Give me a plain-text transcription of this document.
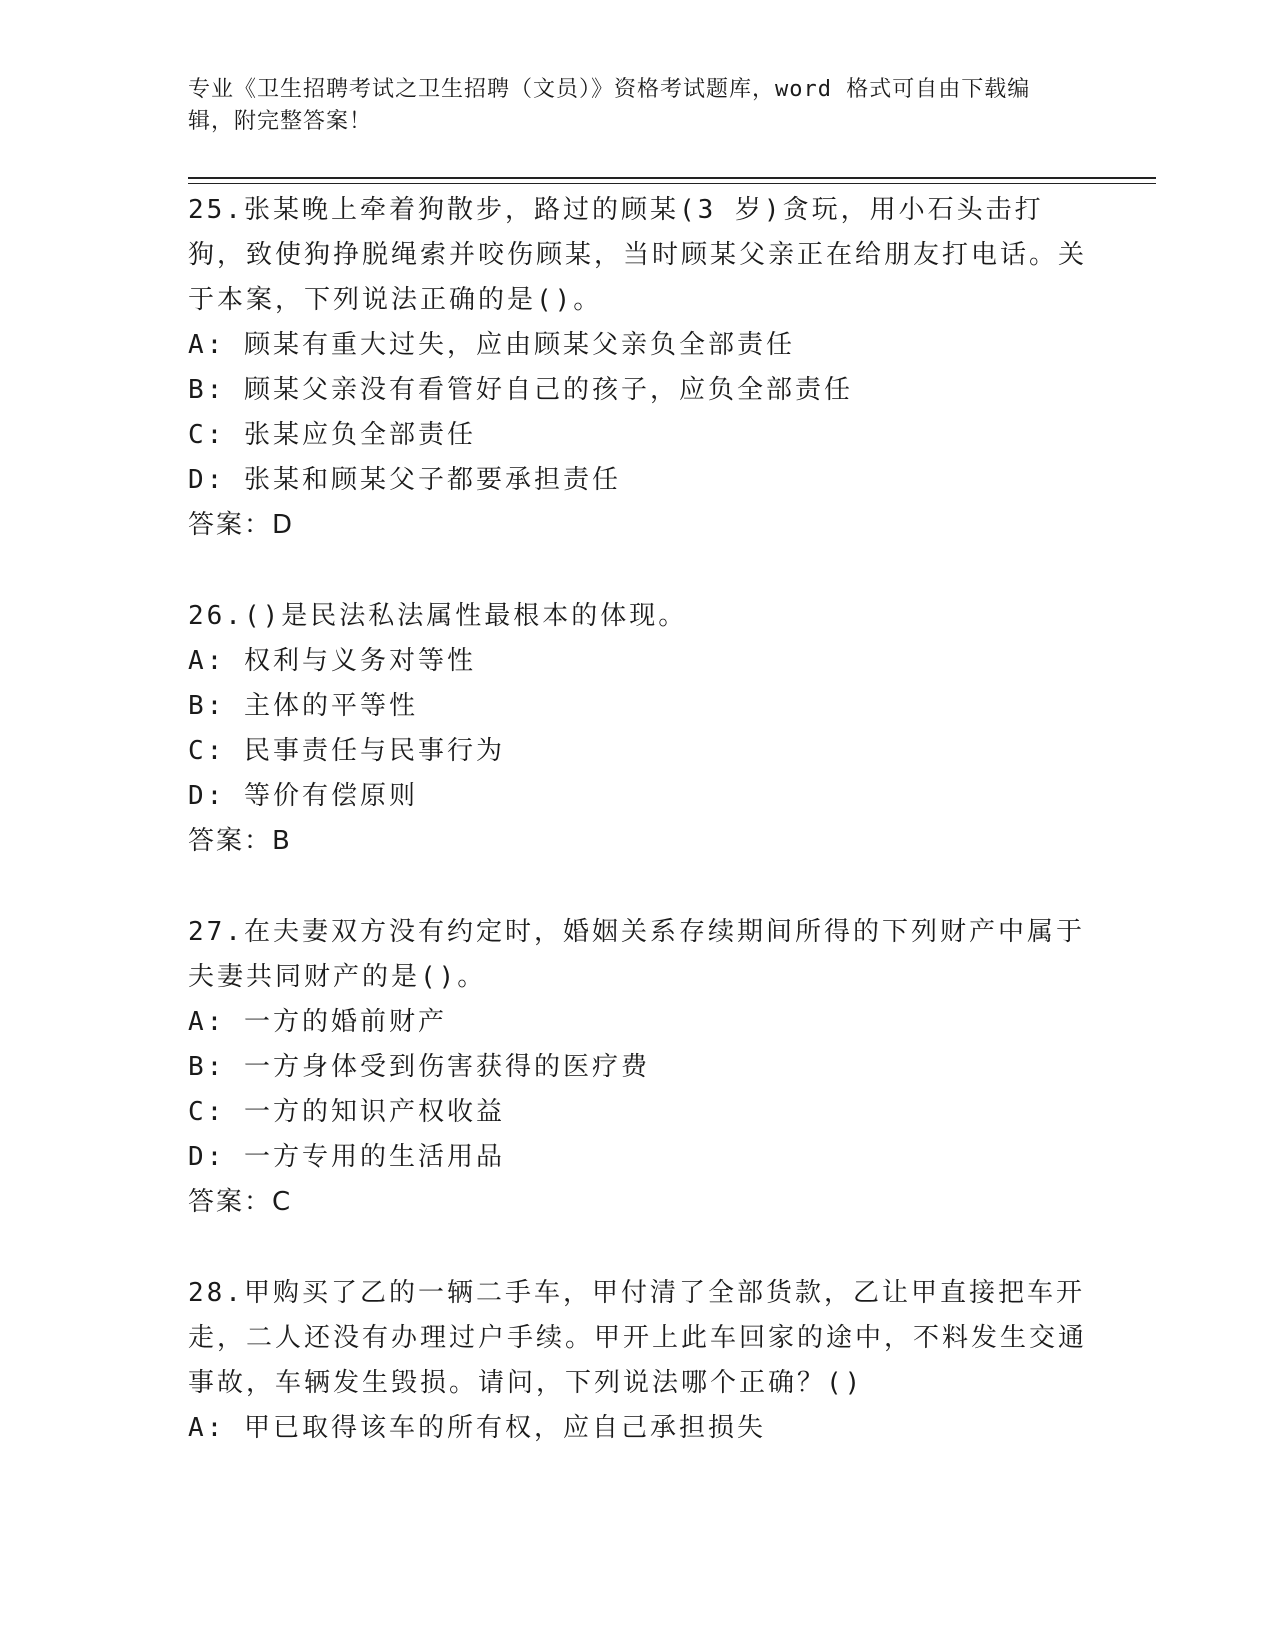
专业《卫生招聘考试之卫生招聘（文员）》资格考试题库，word 格式可自由下载编辑，附完整答案！

25.张某晚上牵着狗散步，路过的顾某(3 岁)贪玩，用小石头击打狗，致使狗挣脱绳索并咬伤顾某，当时顾某父亲正在给朋友打电话。关于本案，下列说法正确的是()。

A: 顾某有重大过失，应由顾某父亲负全部责任

B: 顾某父亲没有看管好自己的孩子，应负全部责任

C: 张某应负全部责任

D: 张某和顾某父子都要承担责任

答案：D

26.()是民法私法属性最根本的体现。

A: 权利与义务对等性

B: 主体的平等性

C: 民事责任与民事行为

D: 等价有偿原则

答案：B

27.在夫妻双方没有约定时，婚姻关系存续期间所得的下列财产中属于夫妻共同财产的是()。

A: 一方的婚前财产

B: 一方身体受到伤害获得的医疗费

C: 一方的知识产权收益

D: 一方专用的生活用品

答案：C

28.甲购买了乙的一辆二手车，甲付清了全部货款，乙让甲直接把车开走，二人还没有办理过户手续。甲开上此车回家的途中，不料发生交通事故，车辆发生毁损。请问，下列说法哪个正确？()

A: 甲已取得该车的所有权，应自己承担损失
